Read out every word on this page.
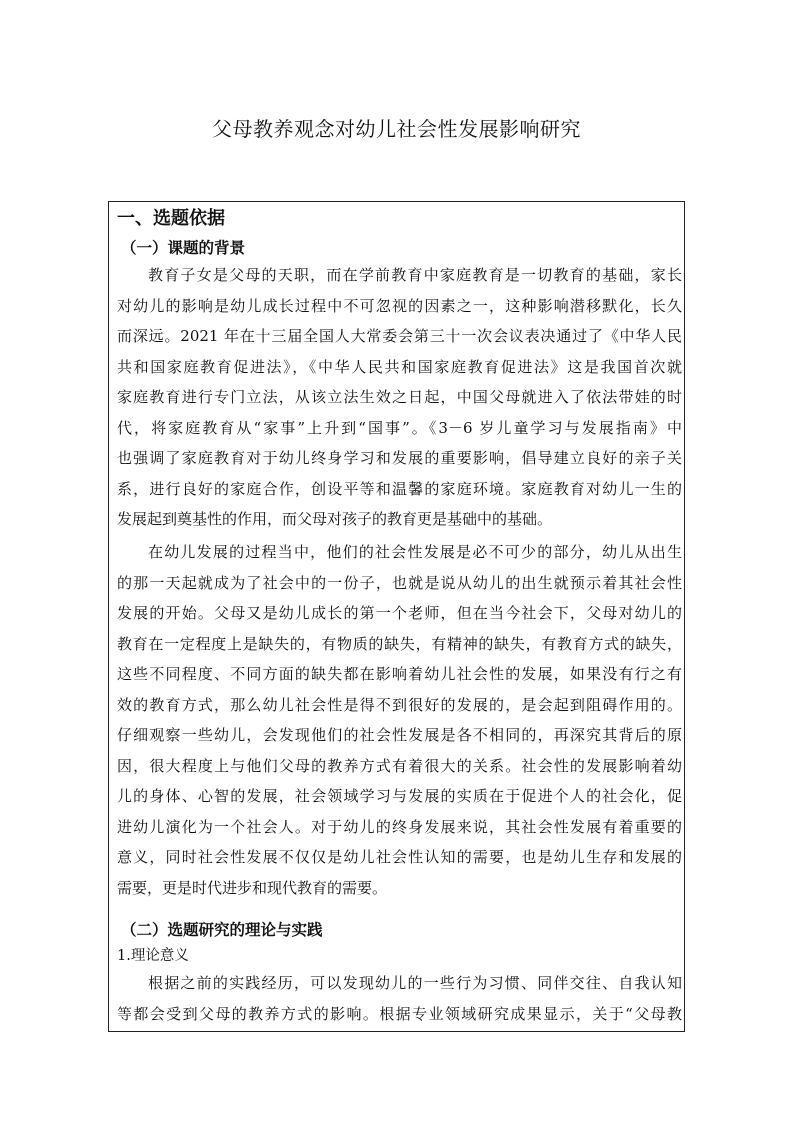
父母教养观念对幼儿社会性发展影响研究
一、选题依据
（一）课题的背景
教育子女是父母的天职，而在学前教育中家庭教育是一切教育的基础，家长
对幼儿的影响是幼儿成长过程中不可忽视的因素之一，这种影响潜移默化，长久
而深远。2021 年在十三届全国人大常委会第三十一次会议表决通过了《中华人民
共和国家庭教育促进法》，《中华人民共和国家庭教育促进法》这是我国首次就
家庭教育进行专门立法，从该立法生效之日起，中国父母就进入了依法带娃的时
代，将家庭教育从“家事”上升到“国事”。《3－6 岁儿童学习与发展指南》中
也强调了家庭教育对于幼儿终身学习和发展的重要影响，倡导建立良好的亲子关
系，进行良好的家庭合作，创设平等和温馨的家庭环境。家庭教育对幼儿一生的
发展起到奠基性的作用，而父母对孩子的教育更是基础中的基础。
在幼儿发展的过程当中，他们的社会性发展是必不可少的部分，幼儿从出生
的那一天起就成为了社会中的一份子，也就是说从幼儿的出生就预示着其社会性
发展的开始。父母又是幼儿成长的第一个老师，但在当今社会下，父母对幼儿的
教育在一定程度上是缺失的，有物质的缺失，有精神的缺失，有教育方式的缺失，
这些不同程度、不同方面的缺失都在影响着幼儿社会性的发展，如果没有行之有
效的教育方式，那么幼儿社会性是得不到很好的发展的，是会起到阻碍作用的。
仔细观察一些幼儿，会发现他们的社会性发展是各不相同的，再深究其背后的原
因，很大程度上与他们父母的教养方式有着很大的关系。社会性的发展影响着幼
儿的身体、心智的发展，社会领域学习与发展的实质在于促进个人的社会化，促
进幼儿演化为一个社会人。对于幼儿的终身发展来说，其社会性发展有着重要的
意义，同时社会性发展不仅仅是幼儿社会性认知的需要，也是幼儿生存和发展的
需要，更是时代进步和现代教育的需要。
（二）选题研究的理论与实践
1.理论意义
根据之前的实践经历，可以发现幼儿的一些行为习惯、同伴交往、自我认知
等都会受到父母的教养方式的影响。根据专业领域研究成果显示，关于“父母教
